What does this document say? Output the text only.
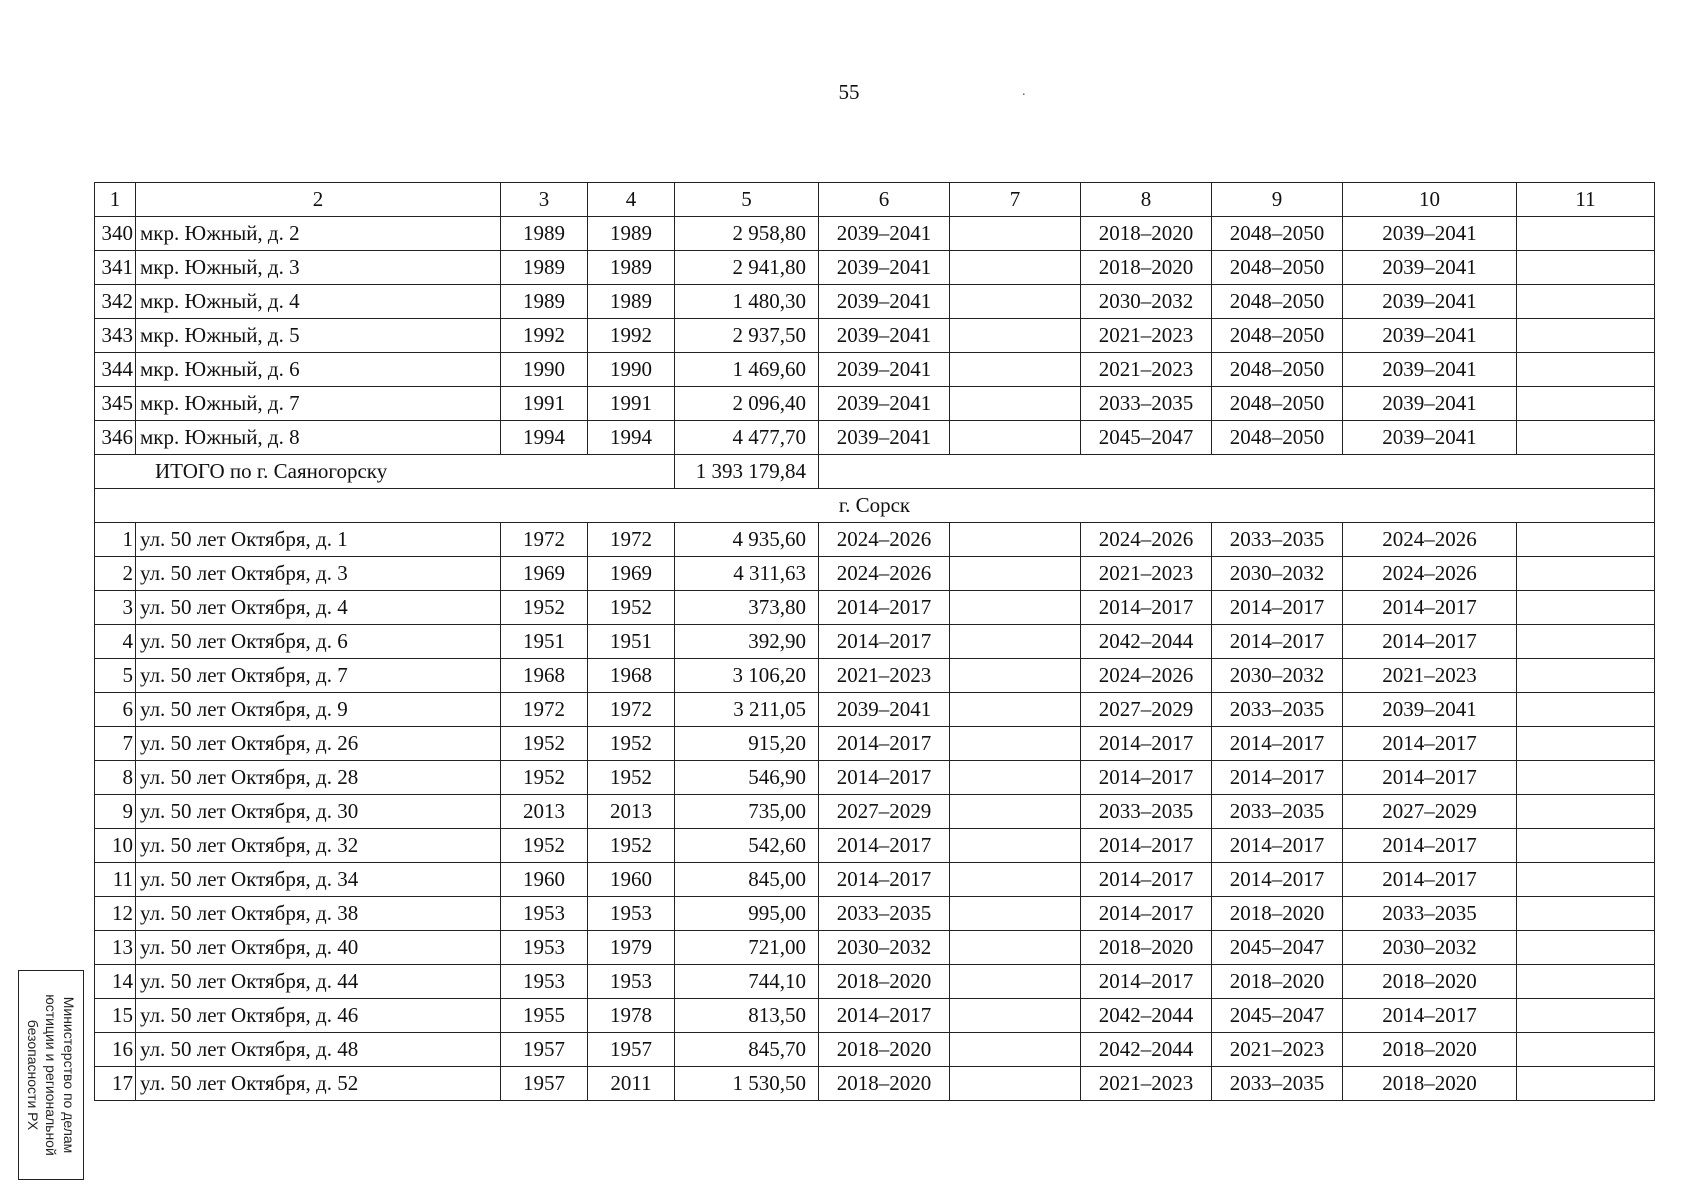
55	.
1	2	3	4	5	6	7	8	9	10	11
340	мкр. Южный, д. 2	1989	1989	2 958,80	2039–2041		2018–2020	2048–2050	2039–2041	
341	мкр. Южный, д. 3	1989	1989	2 941,80	2039–2041		2018–2020	2048–2050	2039–2041	
342	мкр. Южный, д. 4	1989	1989	1 480,30	2039–2041		2030–2032	2048–2050	2039–2041	
343	мкр. Южный, д. 5	1992	1992	2 937,50	2039–2041		2021–2023	2048–2050	2039–2041	
344	мкр. Южный, д. 6	1990	1990	1 469,60	2039–2041		2021–2023	2048–2050	2039–2041	
345	мкр. Южный, д. 7	1991	1991	2 096,40	2039–2041		2033–2035	2048–2050	2039–2041	
346	мкр. Южный, д. 8	1994	1994	4 477,70	2039–2041		2045–2047	2048–2050	2039–2041	
ИТОГО по г. Саяногорску				1 393 179,84						
г. Сорск										
1	ул. 50 лет Октября, д. 1	1972	1972	4 935,60	2024–2026		2024–2026	2033–2035	2024–2026	
2	ул. 50 лет Октября, д. 3	1969	1969	4 311,63	2024–2026		2021–2023	2030–2032	2024–2026	
3	ул. 50 лет Октября, д. 4	1952	1952	373,80	2014–2017		2014–2017	2014–2017	2014–2017	
4	ул. 50 лет Октября, д. 6	1951	1951	392,90	2014–2017		2042–2044	2014–2017	2014–2017	
5	ул. 50 лет Октября, д. 7	1968	1968	3 106,20	2021–2023		2024–2026	2030–2032	2021–2023	
6	ул. 50 лет Октября, д. 9	1972	1972	3 211,05	2039–2041		2027–2029	2033–2035	2039–2041	
7	ул. 50 лет Октября, д. 26	1952	1952	915,20	2014–2017		2014–2017	2014–2017	2014–2017	
8	ул. 50 лет Октября, д. 28	1952	1952	546,90	2014–2017		2014–2017	2014–2017	2014–2017	
9	ул. 50 лет Октября, д. 30	2013	2013	735,00	2027–2029		2033–2035	2033–2035	2027–2029	
10	ул. 50 лет Октября, д. 32	1952	1952	542,60	2014–2017		2014–2017	2014–2017	2014–2017	
11	ул. 50 лет Октября, д. 34	1960	1960	845,00	2014–2017		2014–2017	2014–2017	2014–2017	
12	ул. 50 лет Октября, д. 38	1953	1953	995,00	2033–2035		2014–2017	2018–2020	2033–2035	
13	ул. 50 лет Октября, д. 40	1953	1979	721,00	2030–2032		2018–2020	2045–2047	2030–2032	
14	ул. 50 лет Октября, д. 44	1953	1953	744,10	2018–2020		2014–2017	2018–2020	2018–2020	
15	ул. 50 лет Октября, д. 46	1955	1978	813,50	2014–2017		2042–2044	2045–2047	2014–2017	
16	ул. 50 лет Октября, д. 48	1957	1957	845,70	2018–2020		2042–2044	2021–2023	2018–2020	
17	ул. 50 лет Октября, д. 52	1957	2011	1 530,50	2018–2020		2021–2023	2033–2035	2018–2020	
Министерство по делам
юстиции и региональной
безопасности РХ
